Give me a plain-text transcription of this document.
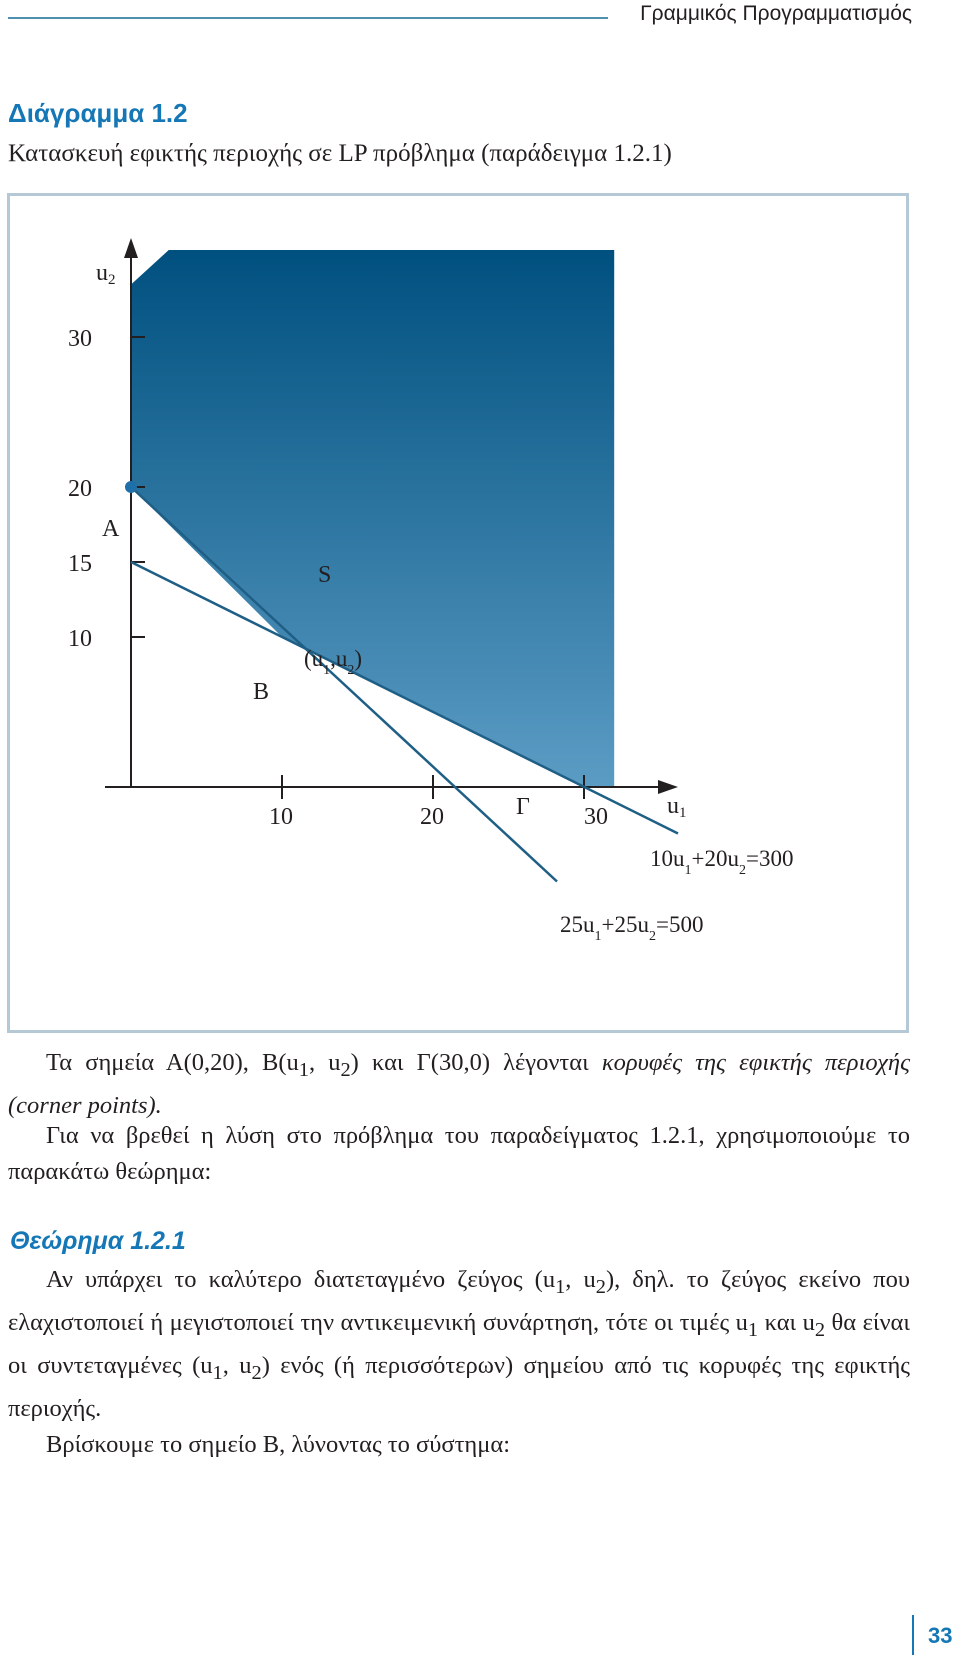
Γραμμικός Προγραμματισμός
Διάγραμμα 1.2
Κατασκευή εφικτής περιοχής σε LP πρόβλημα (παράδειγμα 1.2.1)
u2
u1
10
15
20
30
10	20	30
$10u_1+20u_2=300$
$25u_1+25u_2=500$
A
B
Γ
S
$(u_1,u_2)$

Τα σημεία Α(0,20), $B(u_1$, $u_2$) και Γ(30,0) λέγονται κορυφές της εφικτής περιοχής (corner points).

Για να βρεθεί η λύση στο πρόβλημα του παραδείγματος 1.2.1, χρησιμοποιούμε το παρακάτω θεώρημα:

Θεώρημα 1.2.1

Αν υπάρχει το καλύτερο διατεταγμένο ζεύγος ($u_1$, $u_2$), δηλ. το ζεύγος εκείνο που ελαχιστοποιεί ή μεγιστοποιεί την αντικειμενική συνάρτηση, τότε οι τιμές $u_1$ και $u_2$ θα είναι οι συντεταγμένες ($u_1$, $u_2$) ενός (ή περισσότερων) σημείου από τις κορυφές της εφικτής περιοχής.

Βρίσκουμε το σημείο Β, λύνοντας το σύστημα:

33
